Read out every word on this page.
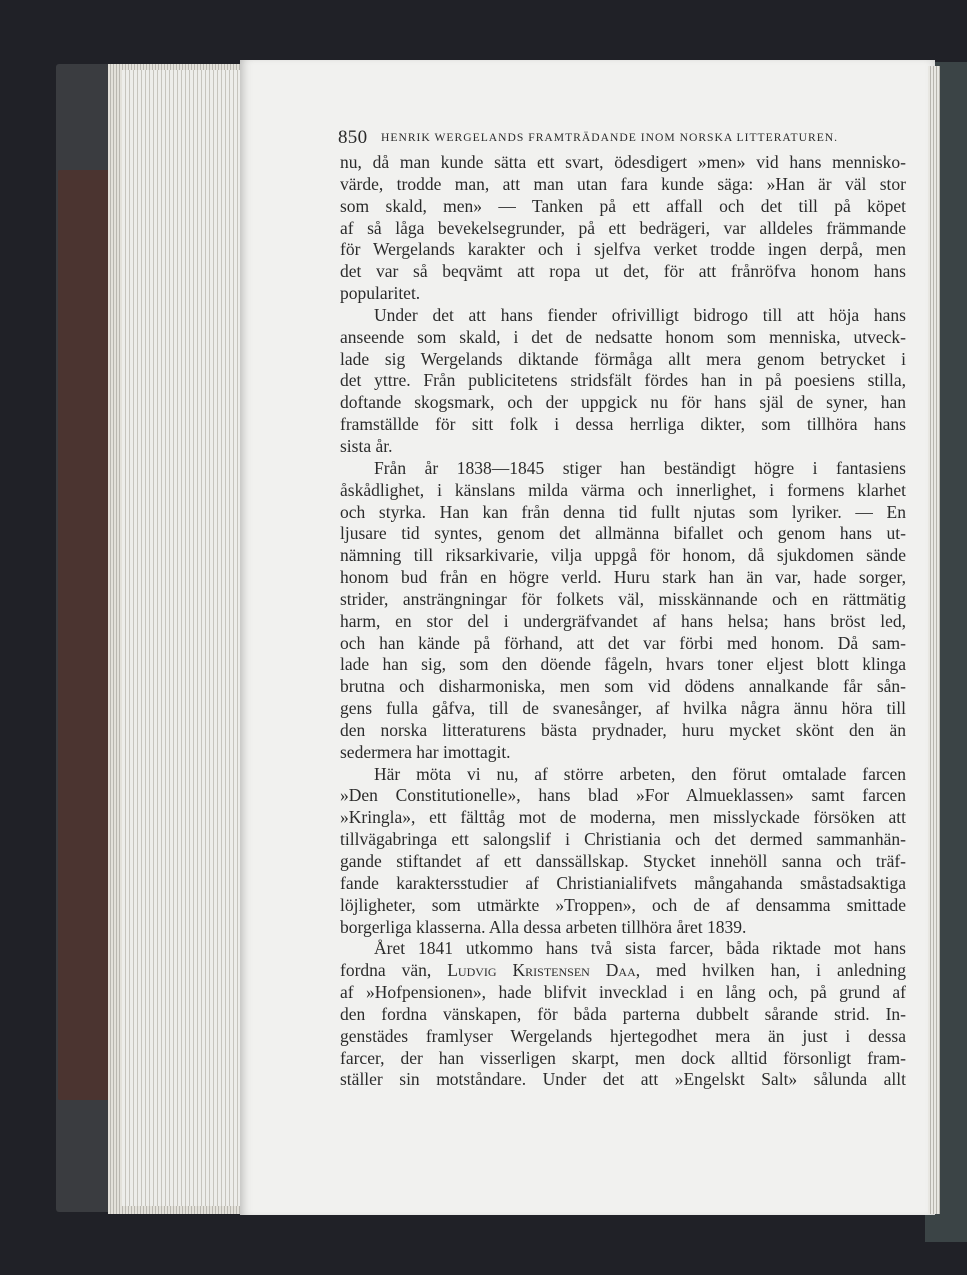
850 HENRIK WERGELANDS FRAMTRÄDANDE INOM NORSKA LITTERATUREN.
nu, då man kunde sätta ett svart, ödesdigert »men» vid hans mennisko-
värde, trodde man, att man utan fara kunde säga: »Han är väl stor
som skald, men» — Tanken på ett affall och det till på köpet
af så låga bevekelsegrunder, på ett bedrägeri, var alldeles främmande
för Wergelands karakter och i sjelfva verket trodde ingen derpå, men
det var så beqvämt att ropa ut det, för att frånröfva honom hans
popularitet.
Under det att hans fiender ofrivilligt bidrogo till att höja hans
anseende som skald, i det de nedsatte honom som menniska, utveck-
lade sig Wergelands diktande förmåga allt mera genom betrycket i
det yttre. Från publicitetens stridsfält fördes han in på poesiens stilla,
doftande skogsmark, och der uppgick nu för hans själ de syner, han
framställde för sitt folk i dessa herrliga dikter, som tillhöra hans
sista år.
Från år 1838—1845 stiger han beständigt högre i fantasiens
åskådlighet, i känslans milda värma och innerlighet, i formens klarhet
och styrka. Han kan från denna tid fullt njutas som lyriker. — En
ljusare tid syntes, genom det allmänna bifallet och genom hans ut-
nämning till riksarkivarie, vilja uppgå för honom, då sjukdomen sände
honom bud från en högre verld. Huru stark han än var, hade sorger,
strider, ansträngningar för folkets väl, misskännande och en rättmätig
harm, en stor del i undergräfvandet af hans helsa; hans bröst led,
och han kände på förhand, att det var förbi med honom. Då sam-
lade han sig, som den döende fågeln, hvars toner eljest blott klinga
brutna och disharmoniska, men som vid dödens annalkande får sån-
gens fulla gåfva, till de svanesånger, af hvilka några ännu höra till
den norska litteraturens bästa prydnader, huru mycket skönt den än
sedermera har imottagit.
Här möta vi nu, af större arbeten, den förut omtalade farcen
»Den Constitutionelle», hans blad »For Almueklassen» samt farcen
»Kringla», ett fälttåg mot de moderna, men misslyckade försöken att
tillvägabringa ett salongslif i Christiania och det dermed sammanhän-
gande stiftandet af ett danssällskap. Stycket innehöll sanna och träf-
fande karaktersstudier af Christianialifvets mångahanda småstadsaktiga
löjligheter, som utmärkte »Troppen», och de af densamma smittade
borgerliga klasserna. Alla dessa arbeten tillhöra året 1839.
Året 1841 utkommo hans två sista farcer, båda riktade mot hans
fordna vän, Ludvig Kristensen Daa, med hvilken han, i anledning
af »Hofpensionen», hade blifvit invecklad i en lång och, på grund af
den fordna vänskapen, för båda parterna dubbelt sårande strid. In-
genstädes framlyser Wergelands hjertegodhet mera än just i dessa
farcer, der han visserligen skarpt, men dock alltid försonligt fram-
ställer sin motståndare. Under det att »Engelskt Salt» sålunda allt
